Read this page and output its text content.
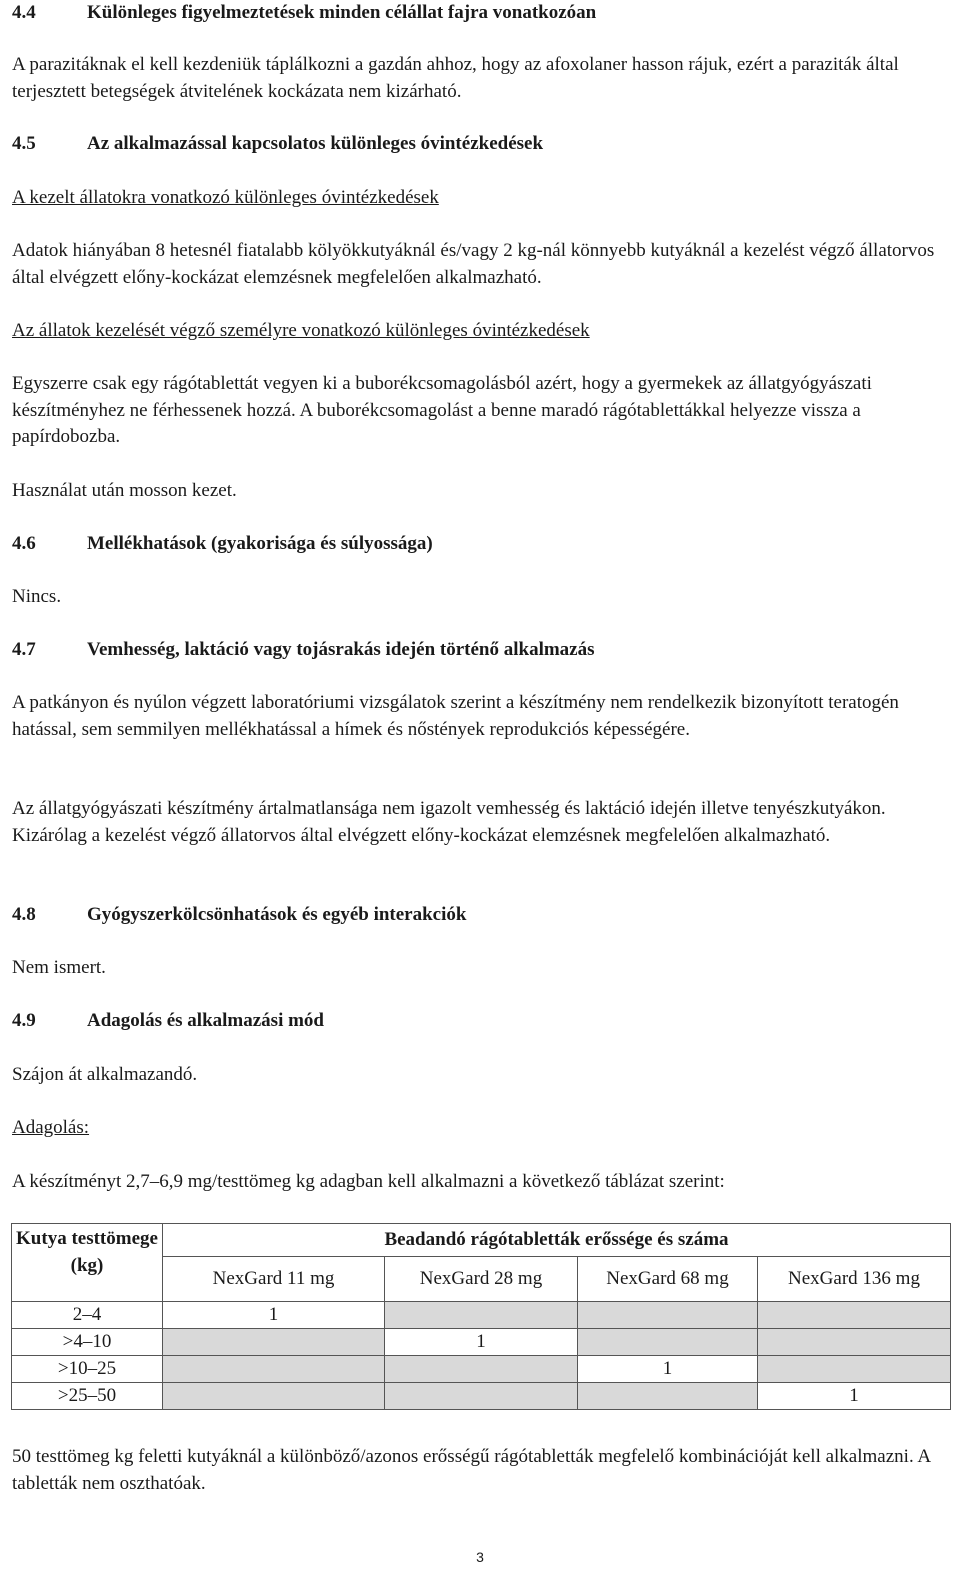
4.4	Különleges figyelmeztetések minden célállat fajra vonatkozóan
A parazitáknak el kell kezdeniük táplálkozni a gazdán ahhoz, hogy az afoxolaner hasson rájuk, ezért a paraziták által terjesztett betegségek átvitelének kockázata nem kizárható.
4.5	Az alkalmazással kapcsolatos különleges óvintézkedések
A kezelt állatokra vonatkozó különleges óvintézkedések
Adatok hiányában 8 hetesnél fiatalabb kölyökkutyáknál és/vagy 2 kg-nál könnyebb kutyáknál a kezelést végző állatorvos által elvégzett előny-kockázat elemzésnek megfelelően alkalmazható.
Az állatok kezelését végző személyre vonatkozó különleges óvintézkedések
Egyszerre csak egy rágótablettát vegyen ki a buborékcsomagolásból azért, hogy a gyermekek az állatgyógyászati készítményhez ne férhessenek hozzá. A buborékcsomagolást a benne maradó rágótablettákkal helyezze vissza a papírdobozba.
Használat után mosson kezet.
4.6	Mellékhatások (gyakorisága és súlyossága)
Nincs.
4.7	Vemhesség, laktáció vagy tojásrakás idején történő alkalmazás
A patkányon és nyúlon végzett laboratóriumi vizsgálatok szerint a készítmény nem rendelkezik bizonyított teratogén hatással, sem semmilyen mellékhatással a hímek és nőstények reprodukciós képességére.
Az állatgyógyászati készítmény ártalmatlansága nem igazolt vemhesség és laktáció idején illetve tenyészkutyákon. Kizárólag a kezelést végző állatorvos által elvégzett előny-kockázat elemzésnek megfelelően alkalmazható.
4.8	Gyógyszerkölcsönhatások és egyéb interakciók
Nem ismert.
4.9	Adagolás és alkalmazási mód
Szájon át alkalmazandó.
Adagolás:
A készítményt 2,7–6,9 mg/testtömeg kg adagban kell alkalmazni a következő táblázat szerint:
Kutya testtömege (kg)	Beadandó rágótabletták erőssége és száma			
	NexGard 11 mg	NexGard 28 mg	NexGard 68 mg	NexGard 136 mg
2–4	1			
>4–10		1		
>10–25			1	
>25–50				1
50 testtömeg kg feletti kutyáknál a különböző/azonos erősségű rágótabletták megfelelő kombinációját kell alkalmazni. A tabletták nem oszthatóak.
3
